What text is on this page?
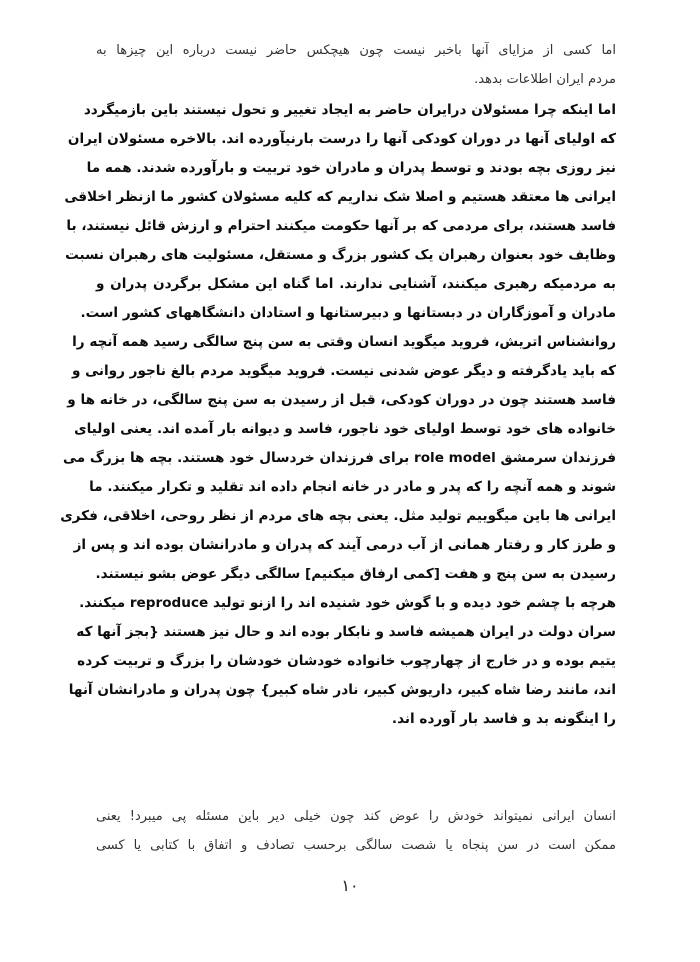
اما کسی از مزایای آنها باخبر نیست چون هیچکس حاضر نیست درباره این چیزها به
مردم ایران اطلاعات بدهد.
اما اینکه چرا مسئولان درایران حاضر به ایجاد تغییر و تحول نیستند باین بازمیگردد
که اولیای آنها در دوران کودکی آنها را درست بارنیآورده اند. بالاخره مسئولان ایران
نیز روزی بچه بودند و توسط پدران و مادران خود تربیت و بارآورده شدند. همه ما
ایرانی ها معتقد هستیم و اصلا شک نداریم که کلیه مسئولان کشور ما ازنظر اخلاقی
فاسد هستند، برای مردمی که بر آنها حکومت میکنند احترام و ارزش قائل نیستند، با
وظایف خود بعنوان رهبران یک کشور بزرگ و مستقل، مسئولیت های رهبران نسبت
به مردمیکه رهبری میکنند، آشنایی ندارند. اما گناه این مشکل برگردن پدران و
مادران و آموزگاران در دبستانها و دبیرستانها و استادان دانشگاههای کشور است.
روانشناس اتریش، فروید میگوید انسان وقتی به سن پنج سالگی رسید همه آنچه را
که باید یادگرفته و دیگر عوض شدنی نیست. فروید میگوید مردم بالغ ناجور روانی و
فاسد هستند چون در دوران کودکی، قبل از رسیدن به سن پنج سالگی، در خانه ها و
خانواده های خود توسط اولیای خود ناجور، فاسد و دیوانه بار آمده اند. یعنی اولیای
فرزندان سرمشق role model برای فرزندان خردسال خود هستند. بچه ها بزرگ می
شوند و همه آنچه را که پدر و مادر در خانه انجام داده اند تقلید و تکرار میکنند. ما
ایرانی ها باین میگوییم تولید مثل. یعنی بچه های مردم از نظر روحی، اخلاقی، فکری
و طرز کار و رفتار همانی از آب درمی آیند که پدران و مادرانشان بوده اند و پس از
رسیدن به سن پنج و هفت [کمی ارفاق میکنیم] سالگی دیگر عوض بشو نیستند.
هرچه با چشم خود دیده و با گوش خود شنیده اند را ازنو تولید reproduce میکنند.
سران دولت در ایران همیشه فاسد و نابکار بوده اند و حال نیز هستند {بجز آنها که
یتیم بوده و در خارج از چهارچوب خانواده خودشان خودشان را بزرگ و تربیت کرده
اند، مانند رضا شاه کبیر، داریوش کبیر، نادر شاه کبیر} چون پدران و مادرانشان آنها
را اینگونه بد و فاسد بار آورده اند.
انسان ایرانی نمیتواند خودش را عوض کند چون خیلی دیر باین مسئله پی میبرد! یعنی
ممکن است در سن پنجاه یا شصت سالگی برحسب تصادف و اتفاق با کتابی یا کسی
۱۰
